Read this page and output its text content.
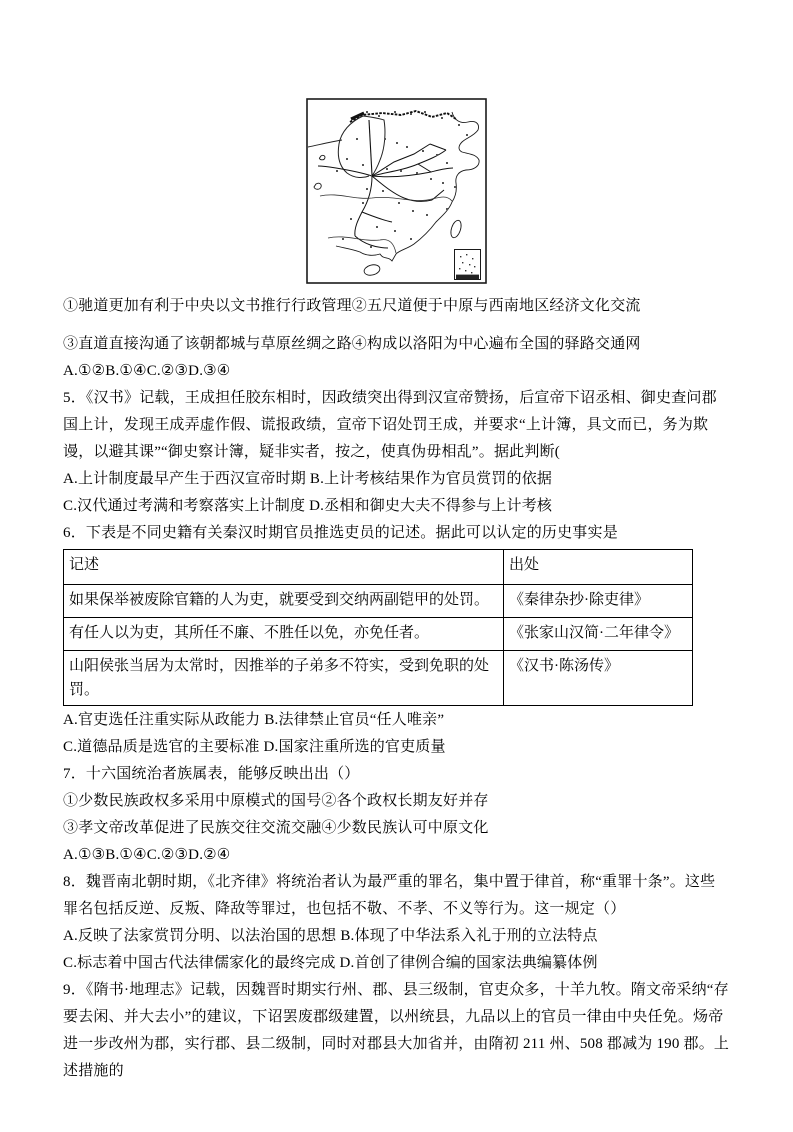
①驰道更加有利于中央以文书推行行政管理②五尺道便于中原与西南地区经济文化交流

③直道直接沟通了该朝都城与草原丝绸之路④构成以洛阳为中心遍布全国的驿路交通网 A.①②B.①④C.②③D.③④

5．《汉书》记载，王成担任胶东相时，因政绩突出得到汉宣帝赞扬，后宣帝下诏丞相、御史查问郡国上计，发现王成弄虚作假、谎报政绩，宣帝下诏处罚王成，并要求“上计簿，具文而已，务为欺谩，以避其课”“御史察计簿，疑非实者，按之，使真伪毋相乱”。据此判断(

A.上计制度最早产生于西汉宣帝时期 B.上计考核结果作为官员赏罚的依据

C.汉代通过考满和考察落实上计制度 D.丞相和御史大夫不得参与上计考核

6．下表是不同史籍有关秦汉时期官员推选吏员的记述。据此可以认定的历史事实是

记述	出处
如果保举被废除官籍的人为吏，就要受到交纳两副铠甲的处罚。	《秦律杂抄·除吏律》
有任人以为吏，其所任不廉、不胜任以免，亦免任者。	《张家山汉简·二年律令》
山阳侯张当居为太常时，因推举的子弟多不符实，受到免职的处罚。	《汉书·陈汤传》

A.官吏选任注重实际从政能力 B.法律禁止官员“任人唯亲”

C.道德品质是选官的主要标准 D.国家注重所选的官吏质量

7．十六国统治者族属表，能够反映出出（）

①少数民族政权多采用中原模式的国号②各个政权长期友好并存

③孝文帝改革促进了民族交往交流交融④少数民族认可中原文化

A.①③B.①④C.②③D.②④

8．魏晋南北朝时期，《北齐律》将统治者认为最严重的罪名，集中置于律首，称“重罪十条”。这些罪名包括反逆、反叛、降敌等罪过，也包括不敬、不孝、不义等行为。这一规定（）

A.反映了法家赏罚分明、以法治国的思想 B.体现了中华法系入礼于刑的立法特点

C.标志着中国古代法律儒家化的最终完成 D.首创了律例合编的国家法典编纂体例

9．《隋书·地理志》记载，因魏晋时期实行州、郡、县三级制，官吏众多，十羊九牧。隋文帝采纳“存要去闲、并大去小”的建议，下诏罢废郡级建置，以州统县，九品以上的官员一律由中央任免。炀帝进一步改州为郡，实行郡、县二级制，同时对郡县大加省并，由隋初 211 州、508 郡减为 190 郡。上述措施的
